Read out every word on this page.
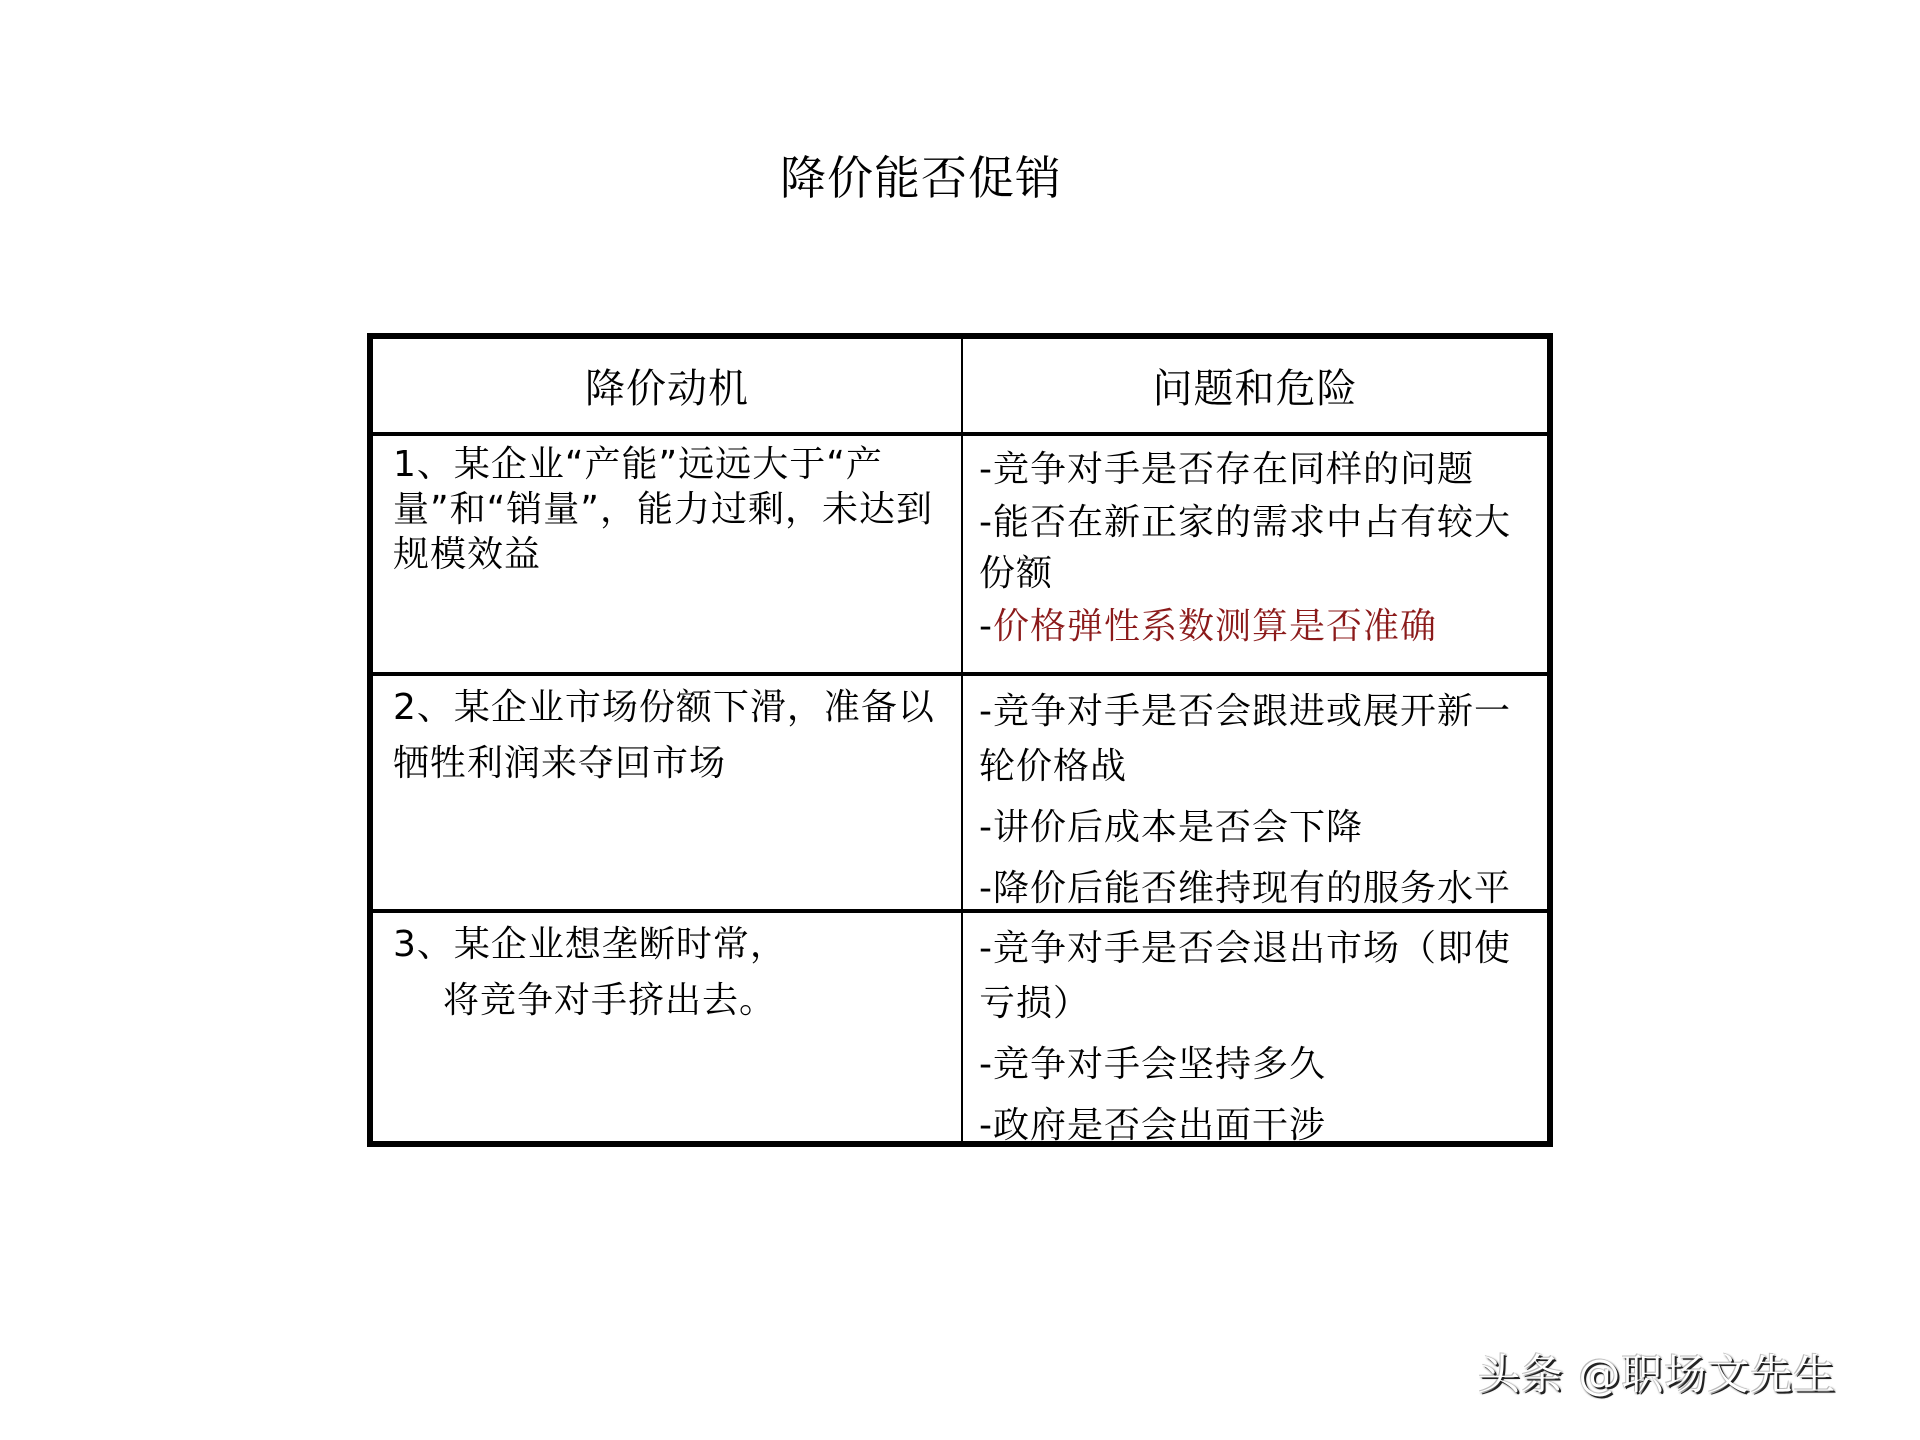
降价能否促销
降价动机	问题和危险
1、某企业“产能”远远大于“产量”和“销量”，能力过剩，未达到规模效益

-竞争对手是否存在同样的问题

-能否在新正家的需求中占有较大份额

-价格弹性系数测算是否准确

2、某企业市场份额下滑，准备以牺牲利润来夺回市场

-竞争对手是否会跟进或展开新一轮价格战

-讲价后成本是否会下降

-降价后能否维持现有的服务水平

3、某企业想垄断时常，
将竞争对手挤出去。

-竞争对手是否会退出市场（即使亏损）

-竞争对手会坚持多久

-政府是否会出面干涉

头条 @职场文先生
